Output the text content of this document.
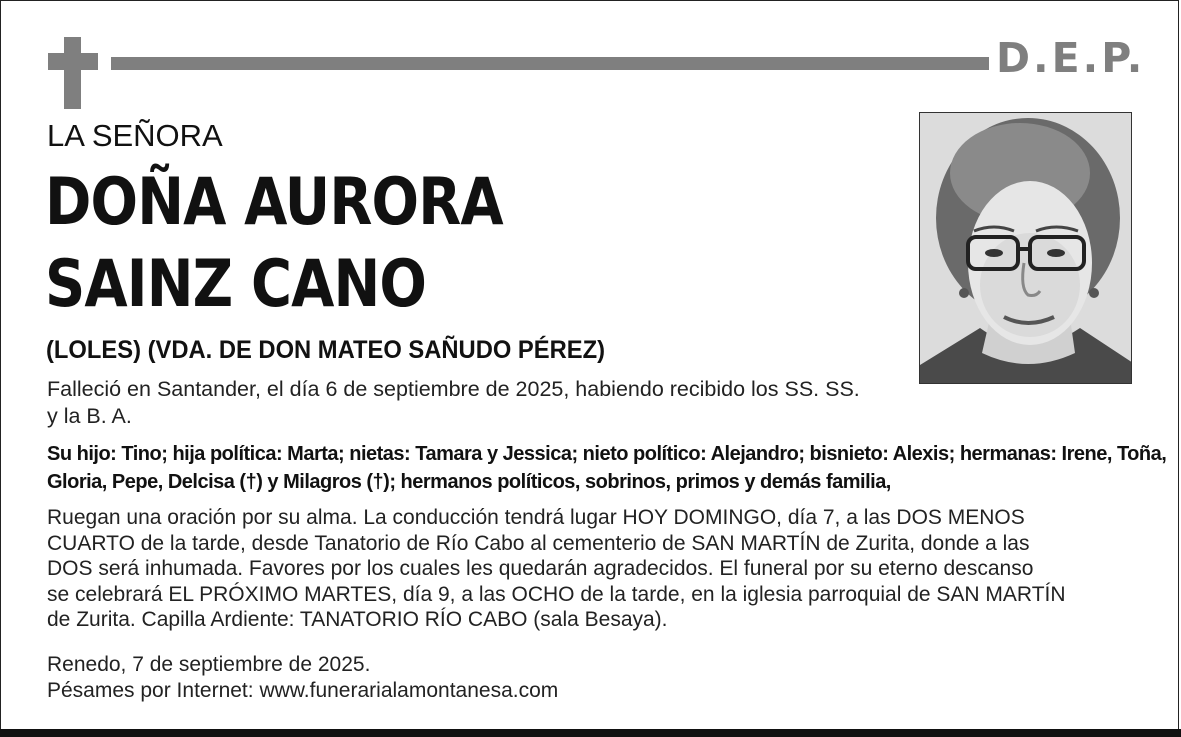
D.E.P.
LA SEÑORA
DOÑA AURORA
SAINZ CANO
(LOLES) (VDA. DE DON MATEO SAÑUDO PÉREZ)
Falleció en Santander, el día 6 de septiembre de 2025, habiendo recibido los SS. SS.
y la B. A.
Su hijo: Tino; hija política: Marta; nietas: Tamara y Jessica; nieto político: Alejandro; bisnieto: Alexis; hermanas: Irene, Toña, Gloria, Pepe, Delcisa (†) y Milagros (†); hermanos políticos, sobrinos, primos y demás familia,
Ruegan una oración por su alma. La conducción tendrá lugar HOY DOMINGO, día 7, a las DOS MENOS
CUARTO de la tarde, desde Tanatorio de Río Cabo al cementerio de SAN MARTÍN de Zurita, donde a las
DOS será inhumada. Favores por los cuales les quedarán agradecidos. El funeral por su eterno descanso
se celebrará EL PRÓXIMO MARTES, día 9, a las OCHO de la tarde, en la iglesia parroquial de SAN MARTÍN
de Zurita. Capilla Ardiente: TANATORIO RÍO CABO (sala Besaya).
Renedo, 7 de septiembre de 2025.
Pésames por Internet: www.funerarialamontanesa.com
